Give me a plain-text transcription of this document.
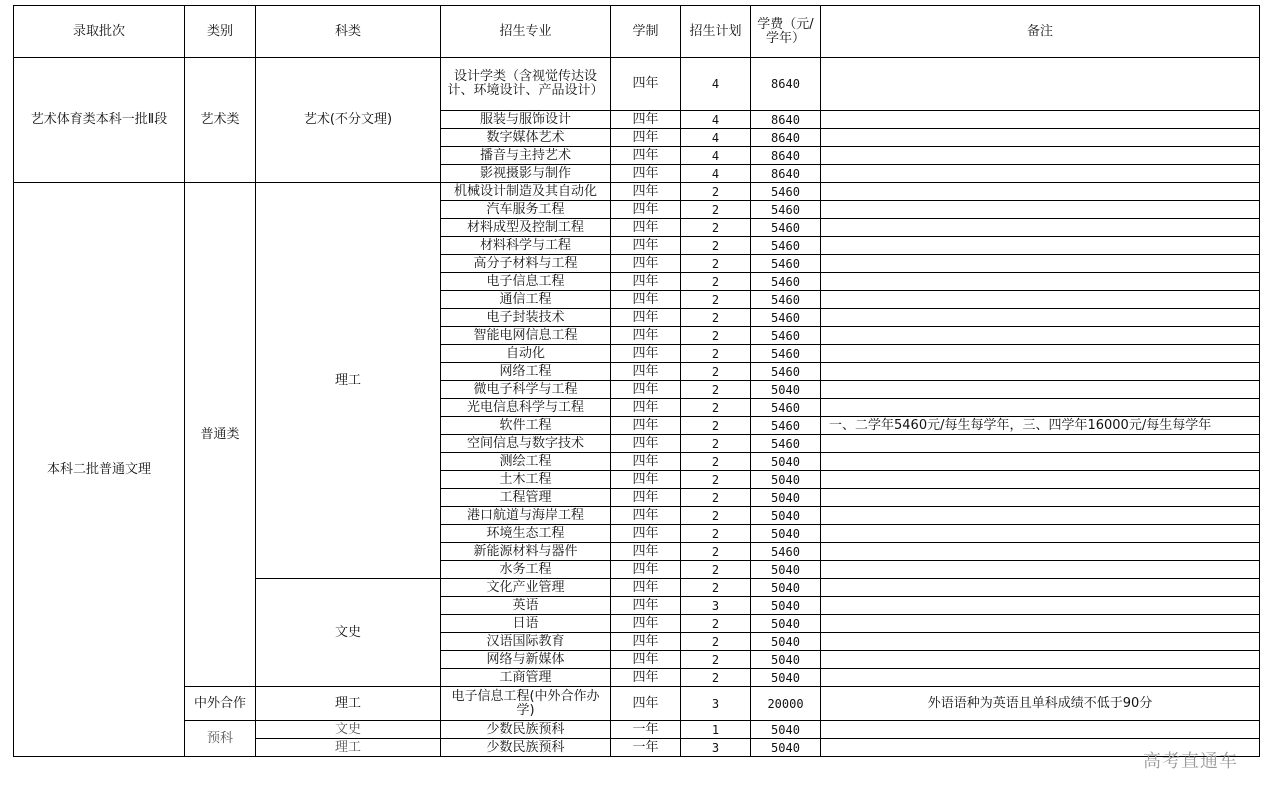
录取批次	类别	科类	招生专业	学制	招生计划	学费（元/学年）	备注
艺术体育类本科一批Ⅱ段	艺术类	艺术(不分文理)	设计学类（含视觉传达设计、环境设计、产品设计）	四年	4	8640	
			服装与服饰设计	四年	4	8640	
			数字媒体艺术	四年	4	8640	
			播音与主持艺术	四年	4	8640	
			影视摄影与制作	四年	4	8640	
本科二批普通文理	普通类	理工	机械设计制造及其自动化	四年	2	5460	
			汽车服务工程	四年	2	5460	
			材料成型及控制工程	四年	2	5460	
			材料科学与工程	四年	2	5460	
			高分子材料与工程	四年	2	5460	
			电子信息工程	四年	2	5460	
			通信工程	四年	2	5460	
			电子封装技术	四年	2	5460	
			智能电网信息工程	四年	2	5460	
			自动化	四年	2	5460	
			网络工程	四年	2	5460	
			微电子科学与工程	四年	2	5040	
			光电信息科学与工程	四年	2	5460	
			软件工程	四年	2	5460	一、二学年5460元/每生每学年，三、四学年16000元/每生每学年
			空间信息与数字技术	四年	2	5460	
			测绘工程	四年	2	5040	
			土木工程	四年	2	5040	
			工程管理	四年	2	5040	
			港口航道与海岸工程	四年	2	5040	
			环境生态工程	四年	2	5040	
			新能源材料与器件	四年	2	5460	
			水务工程	四年	2	5040	
		文史	文化产业管理	四年	2	5040	
			英语	四年	3	5040	
			日语	四年	2	5040	
			汉语国际教育	四年	2	5040	
			网络与新媒体	四年	2	5040	
			工商管理	四年	2	5040	
	中外合作	理工	电子信息工程(中外合作办学)	四年	3	20000	外语语种为英语且单科成绩不低于90分
	预科	文史	少数民族预科	一年	1	5040	
		理工	少数民族预科	一年	3	5040	
高考直通车
